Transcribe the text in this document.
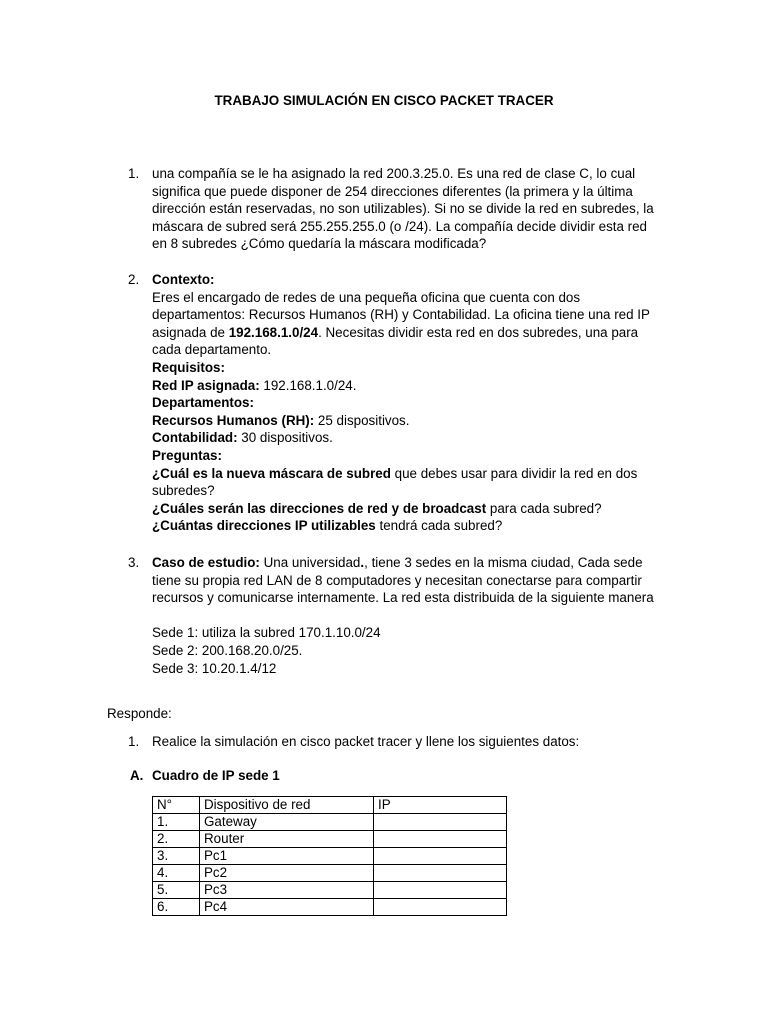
TRABAJO SIMULACIÓN EN CISCO PACKET TRACER
1. una compañía se le ha asignado la red 200.3.25.0. Es una red de clase C, lo cual significa que puede disponer de 254 direcciones diferentes (la primera y la última dirección están reservadas, no son utilizables). Si no se divide la red en subredes, la máscara de subred será 255.255.255.0 (o /24). La compañía decide dividir esta red en 8 subredes ¿Cómo quedaría la máscara modificada?

2. Contexto:

Eres el encargado de redes de una pequeña oficina que cuenta con dos departamentos: Recursos Humanos (RH) y Contabilidad. La oficina tiene una red IP asignada de 192.168.1.0/24. Necesitas dividir esta red en dos subredes, una para cada departamento.

Requisitos:

Red IP asignada: 192.168.1.0/24.

Departamentos:

Recursos Humanos (RH): 25 dispositivos.

Contabilidad: 30 dispositivos.

Preguntas:

¿Cuál es la nueva máscara de subred que debes usar para dividir la red en dos subredes?

¿Cuáles serán las direcciones de red y de broadcast para cada subred?

¿Cuántas direcciones IP utilizables tendrá cada subred?

3. Caso de estudio: Una universidad., tiene 3 sedes en la misma ciudad, Cada sede tiene su propia red LAN de 8 computadores y necesitan conectarse para compartir recursos y comunicarse internamente. La red esta distribuida de la siguiente manera

Sede 1: utiliza la subred 170.1.10.0/24

Sede 2: 200.168.20.0/25.

Sede 3: 10.20.1.4/12

Responde:
1. Realice la simulación en cisco packet tracer y llene los siguientes datos:

A. Cuadro de IP sede 1
N°	Dispositivo de red	IP
1.	Gateway	
2.	Router	
3.	Pc1	
4.	Pc2	
5.	Pc3	
6.	Pc4	
